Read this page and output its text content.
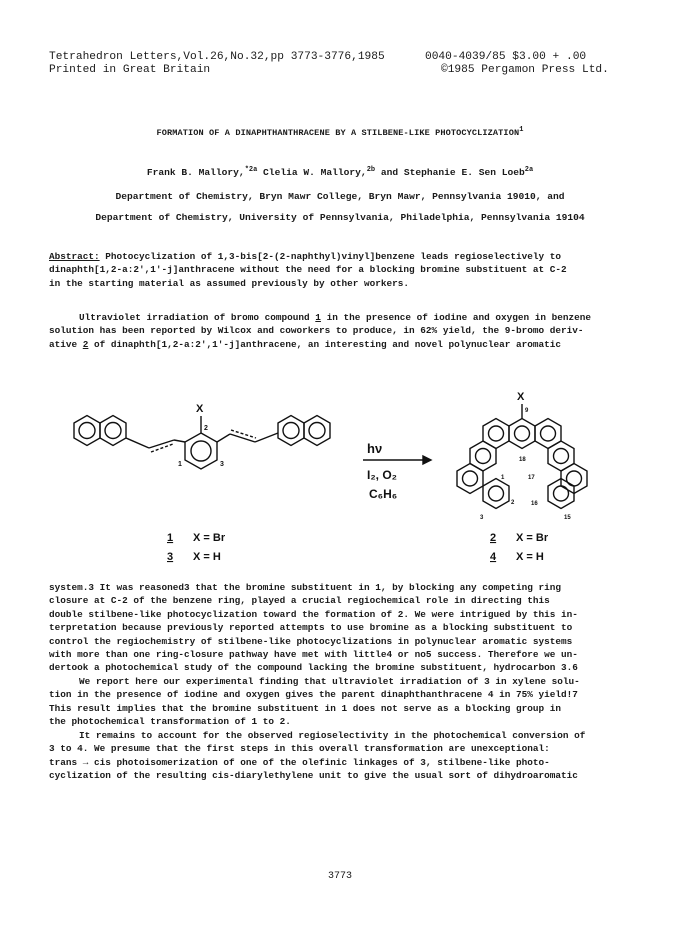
Tetrahedron Letters,Vol.26,No.32,pp 3773-3776,1985
Printed in Great Britain
0040-4039/85 $3.00 + .00
©1985 Pergamon Press Ltd.
FORMATION OF A DINAPHTHANTHRACENE BY A STILBENE-LIKE PHOTOCYCLIZATION$^1$
Frank B. Mallory,$^{*2a}$ Clelia W. Mallory,$^{2b}$ and Stephanie E. Sen Loeb$^{2a}$
Department of Chemistry, Bryn Mawr College, Bryn Mawr, Pennsylvania 19010, and
Department of Chemistry, University of Pennsylvania, Philadelphia, Pennsylvania 19104

Abstract: Photocyclization of 1,3-bis[2-(2-naphthyl)vinyl]benzene leads regioselectively to

dinaphth[1,2-a:2',1'-j]anthracene without the need for a blocking bromine substituent at C-2

in the starting material as assumed previously by other workers.

Ultraviolet irradiation of bromo compound 1 in the presence of iodine and oxygen in benzene

solution has been reported by Wilcox and coworkers to produce, in 62% yield, the 9-bromo deriv-

ative 2 of dinaphth[1,2-a:2',1'-j]anthracene, an interesting and novel polynuclear aromatic

X
2
1	3
hν
I₂, O₂
C₆H₆
X
9
18
1	17
2	16
3	15
1 X = Br
3 X = H
2 X = Br
4 X = H

system.3 It was reasoned3 that the bromine substituent in 1, by blocking any competing ring

closure at C-2 of the benzene ring, played a crucial regiochemical role in directing this

double stilbene-like photocyclization toward the formation of 2. We were intrigued by this in-

terpretation because previously reported attempts to use bromine as a blocking substituent to

control the regiochemistry of stilbene-like photocyclizations in polynuclear aromatic systems

with more than one ring-closure pathway have met with little4 or no5 success. Therefore we un-

dertook a photochemical study of the compound lacking the bromine substituent, hydrocarbon 3.6

We report here our experimental finding that ultraviolet irradiation of 3 in xylene solu-

tion in the presence of iodine and oxygen gives the parent dinaphthanthracene 4 in 75% yield!7

This result implies that the bromine substituent in 1 does not serve as a blocking group in

the photochemical transformation of 1 to 2.

It remains to account for the observed regioselectivity in the photochemical conversion of

3 to 4. We presume that the first steps in this overall transformation are unexceptional:

trans → cis photoisomerization of one of the olefinic linkages of 3, stilbene-like photo-

cyclization of the resulting cis-diarylethylene unit to give the usual sort of dihydroaromatic

3773
